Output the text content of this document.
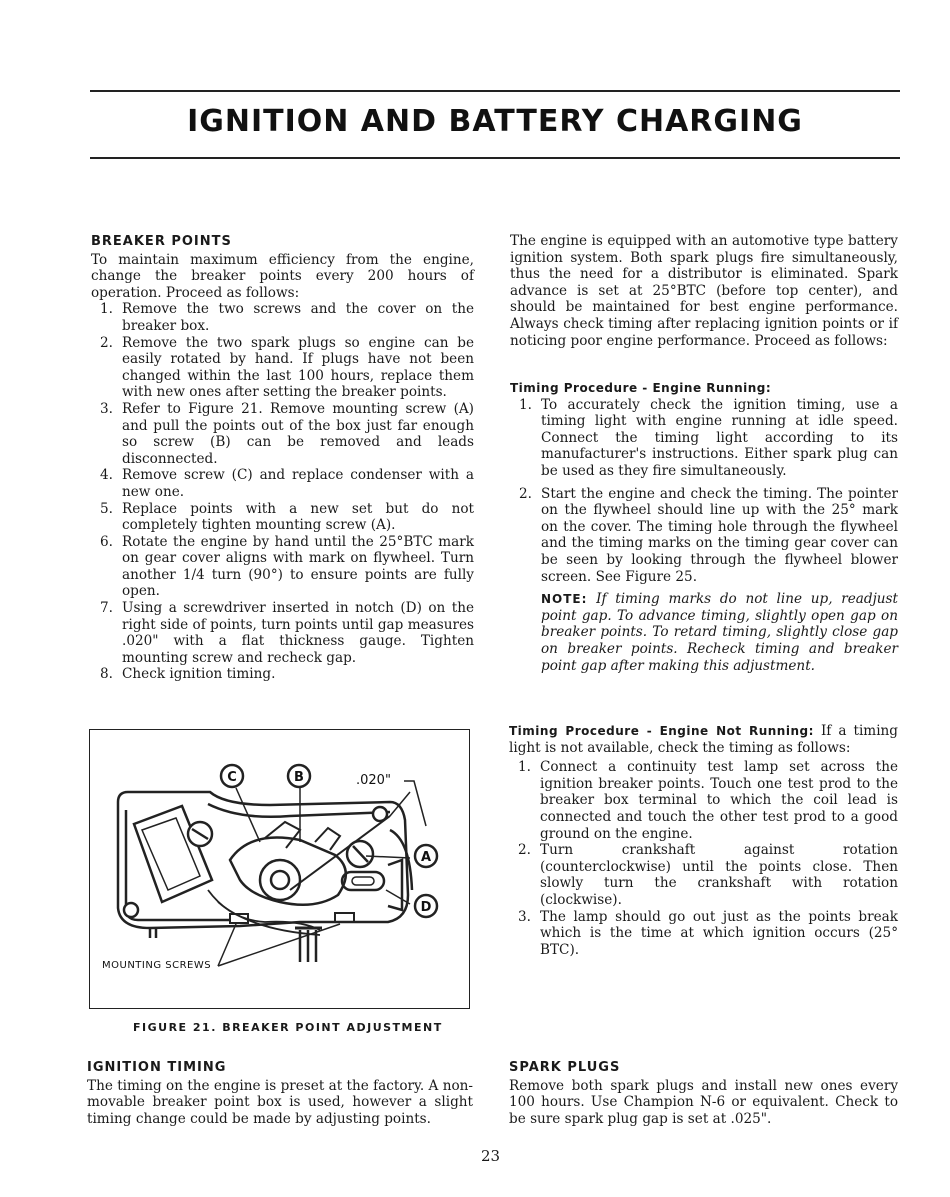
IGNITION AND BATTERY CHARGING
BREAKER POINTS

To maintain maximum efficiency from the engine, change the breaker points every 200 hours of operation. Proceed as follows:

1. Remove the two screws and the cover on the breaker box.
2. Remove the two spark plugs so engine can be easily rotated by hand. If plugs have not been changed within the last 100 hours, replace them with new ones after setting the breaker points.
3. Refer to Figure 21. Remove mounting screw (A) and pull the points out of the box just far enough so screw (B) can be removed and leads disconnected.
4. Remove screw (C) and replace condenser with a new one.
5. Replace points with a new set but do not completely tighten mounting screw (A).
6. Rotate the engine by hand until the 25°BTC mark on gear cover aligns with mark on flywheel. Turn another 1/4 turn (90°) to ensure points are fully open.
7. Using a screwdriver inserted in notch (D) on the right side of points, turn points until gap measures .020" with a flat thickness gauge. Tighten mounting screw and recheck gap.
8. Check ignition timing.
C	B
A
D
.020"
MOUNTING SCREWS
FIGURE 21. BREAKER POINT ADJUSTMENT
IGNITION TIMING

The timing on the engine is preset at the factory. A non-movable breaker point box is used, however a slight timing change could be made by adjusting points.

The engine is equipped with an automotive type battery ignition system. Both spark plugs fire simultaneously, thus the need for a distributor is eliminated. Spark advance is set at 25°BTC (before top center), and should be maintained for best engine performance. Always check timing after replacing ignition points or if noticing poor engine performance. Proceed as follows:

Timing Procedure - Engine Running:
1. To accurately check the ignition timing, use a timing light with engine running at idle speed. Connect the timing light according to its manufacturer's instructions. Either spark plug can be used as they fire simultaneously.
2. Start the engine and check the timing. The pointer on the flywheel should line up with the 25° mark on the cover. The timing hole through the flywheel and the timing marks on the timing gear cover can be seen by looking through the flywheel blower screen. See Figure 25.
NOTE: If timing marks do not line up, readjust point gap. To advance timing, slightly open gap on breaker points. To retard timing, slightly close gap on breaker points. Recheck timing and breaker point gap after making this adjustment.

Timing Procedure - Engine Not Running: If a timing light is not available, check the timing as follows:

1. Connect a continuity test lamp set across the ignition breaker points. Touch one test prod to the breaker box terminal to which the coil lead is connected and touch the other test prod to a good ground on the engine.
2. Turn crankshaft against rotation (counterclockwise) until the points close. Then slowly turn the crankshaft with rotation (clockwise).
3. The lamp should go out just as the points break which is the time at which ignition occurs (25° BTC).
SPARK PLUGS

Remove both spark plugs and install new ones every 100 hours. Use Champion N-6 or equivalent. Check to be sure spark plug gap is set at .025".

23
